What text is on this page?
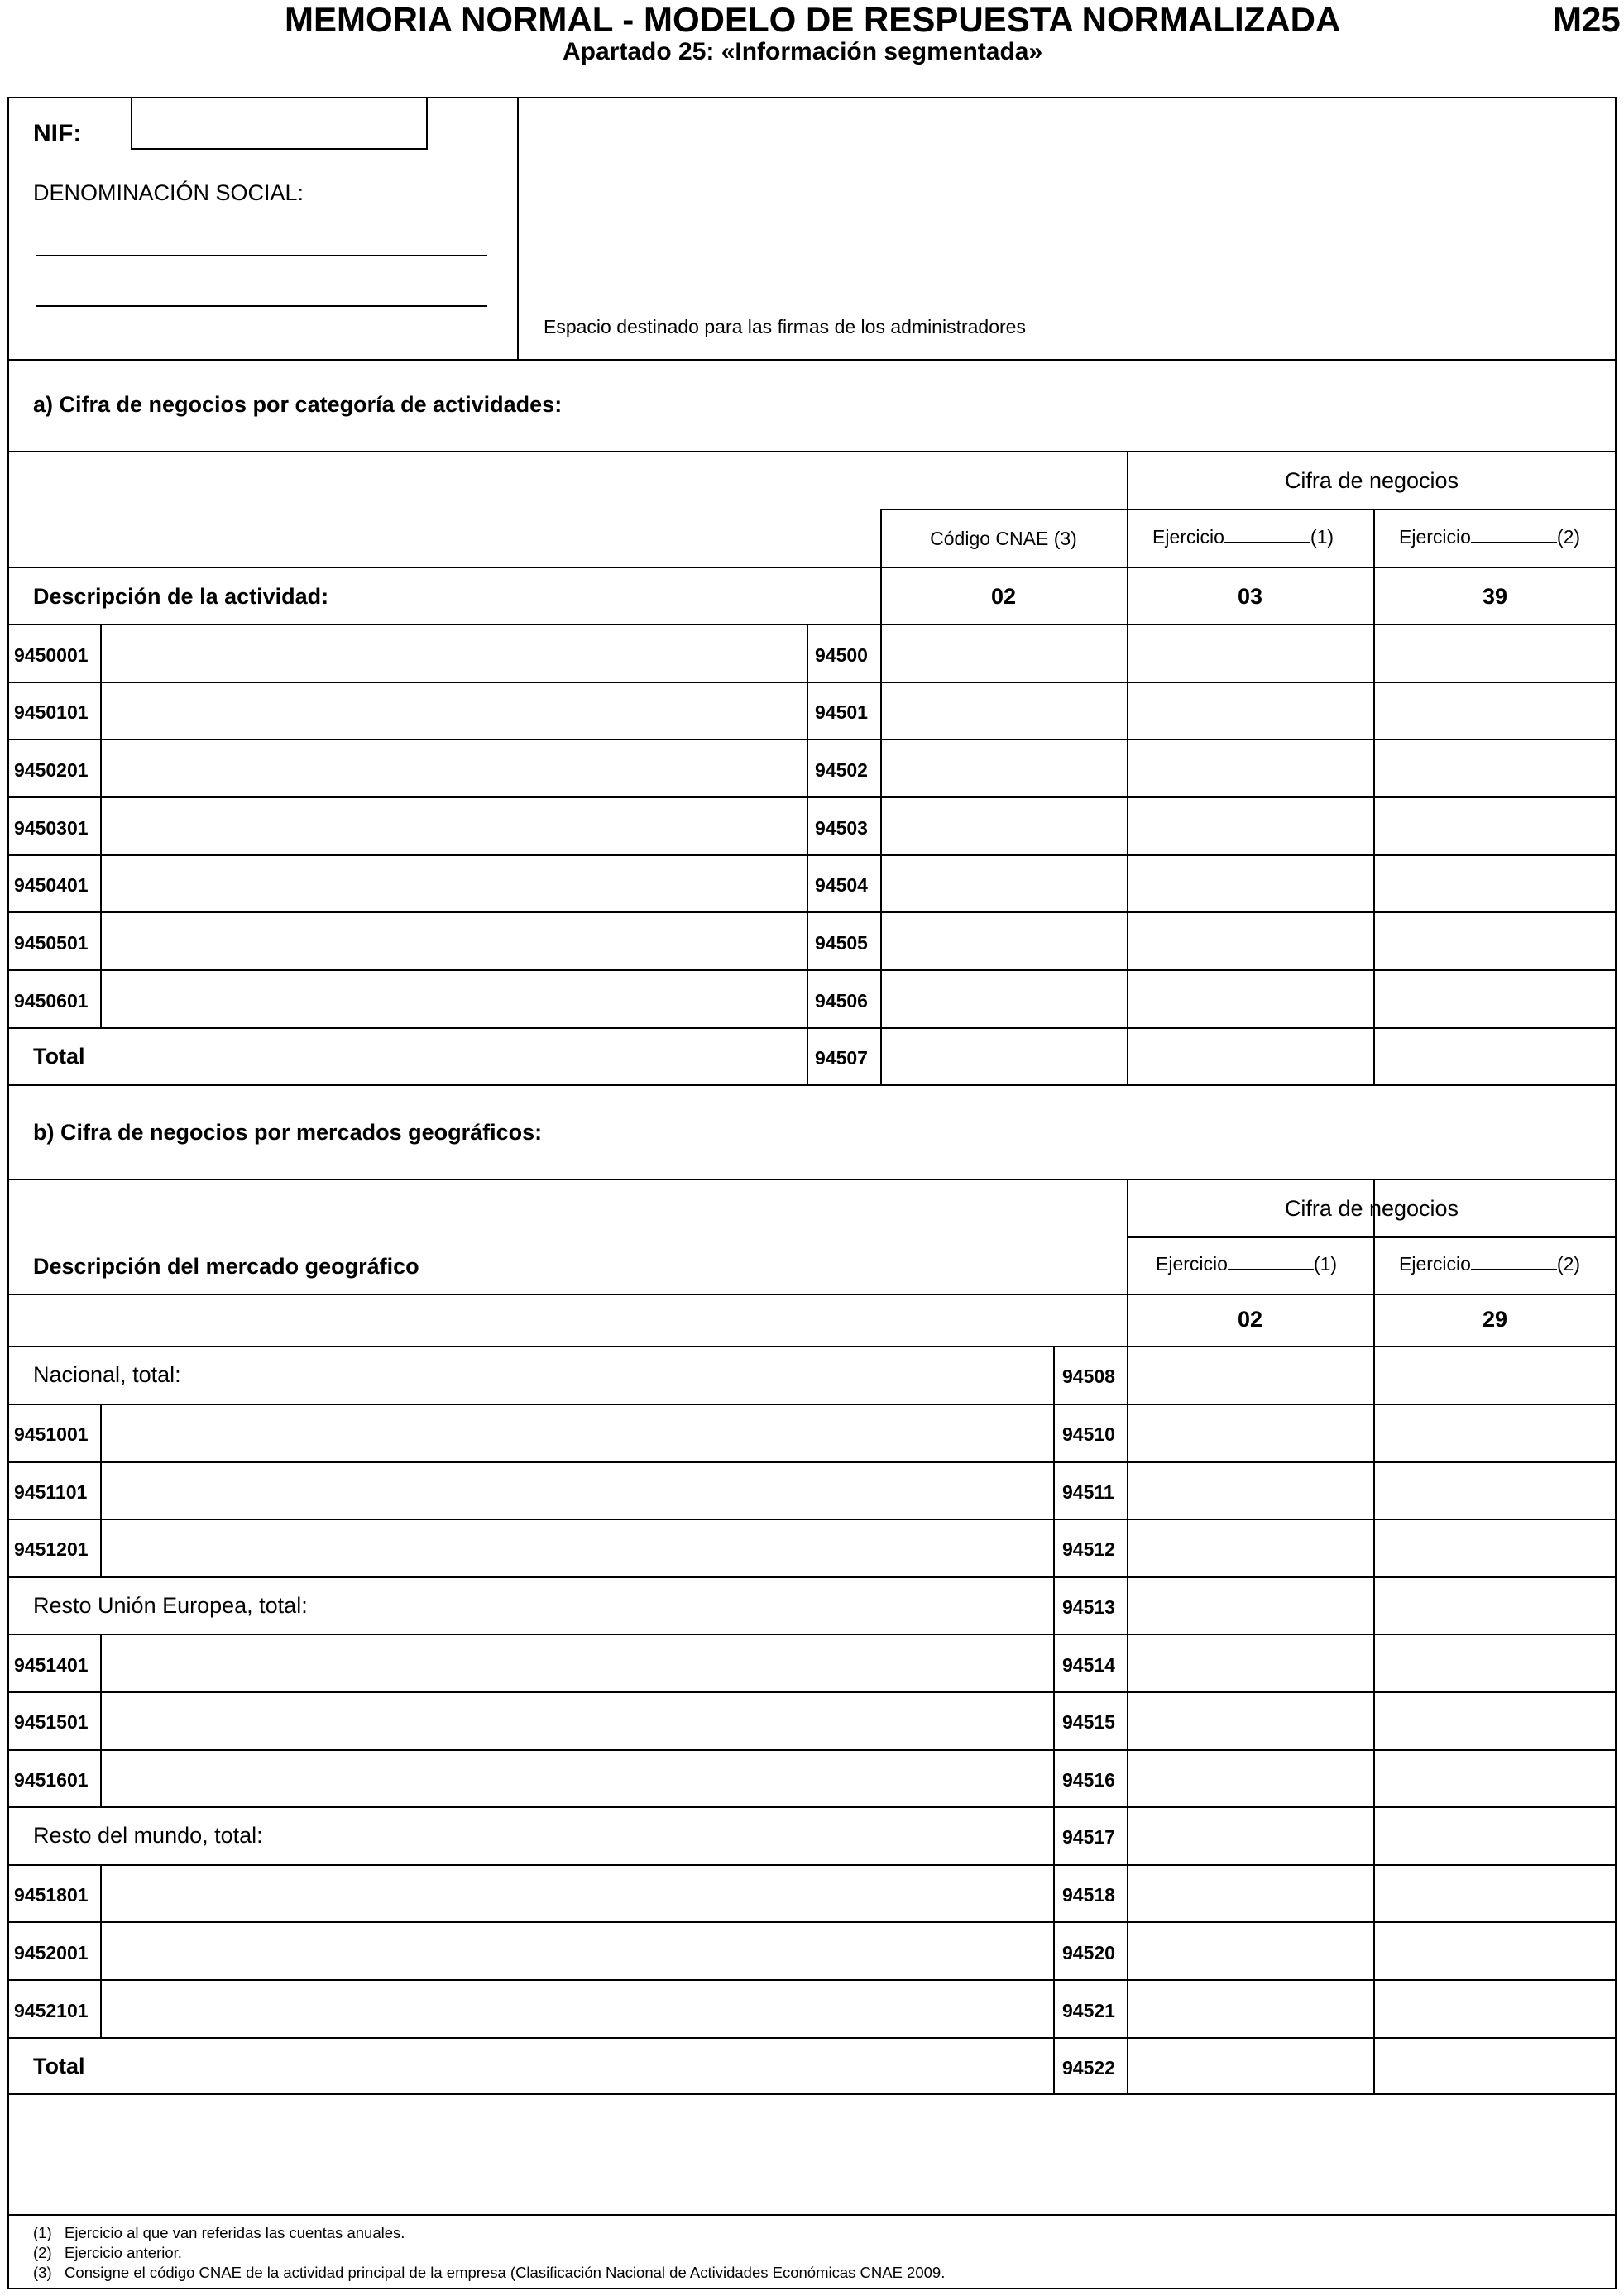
MEMORIA NORMAL - MODELO DE RESPUESTA NORMALIZADA	M25
Apartado 25: «Información segmentada»
NIF:
DENOMINACIÓN SOCIAL:
Espacio destinado para las firmas de los administradores
a) Cifra de negocios por categoría de actividades:
Cifra de negocios
Código CNAE (3)	Ejercicio	(1)	Ejercicio	(2)
Descripción de la actividad:	02	03	39
9450001	94500
9450101	94501
9450201	94502
9450301	94503
9450401	94504
9450501	94505
9450601	94506
Total	94507
b) Cifra de negocios por mercados geográficos:
Cifra de negocios
Descripción del mercado geográfico	Ejercicio	(1)	Ejercicio	(2)
02	29
Nacional, total:	94508
9451001	94510
9451101	94511
9451201	94512
Resto Unión Europea, total:	94513
9451401	94514
9451501	94515
9451601	94516
Resto del mundo, total:	94517
9451801	94518
9452001	94520
9452101	94521
Total	94522
(1) Ejercicio al que van referidas las cuentas anuales.
(2) Ejercicio anterior.
(3) Consigne el código CNAE de la actividad principal de la empresa (Clasificación Nacional de Actividades Económicas CNAE 2009.
